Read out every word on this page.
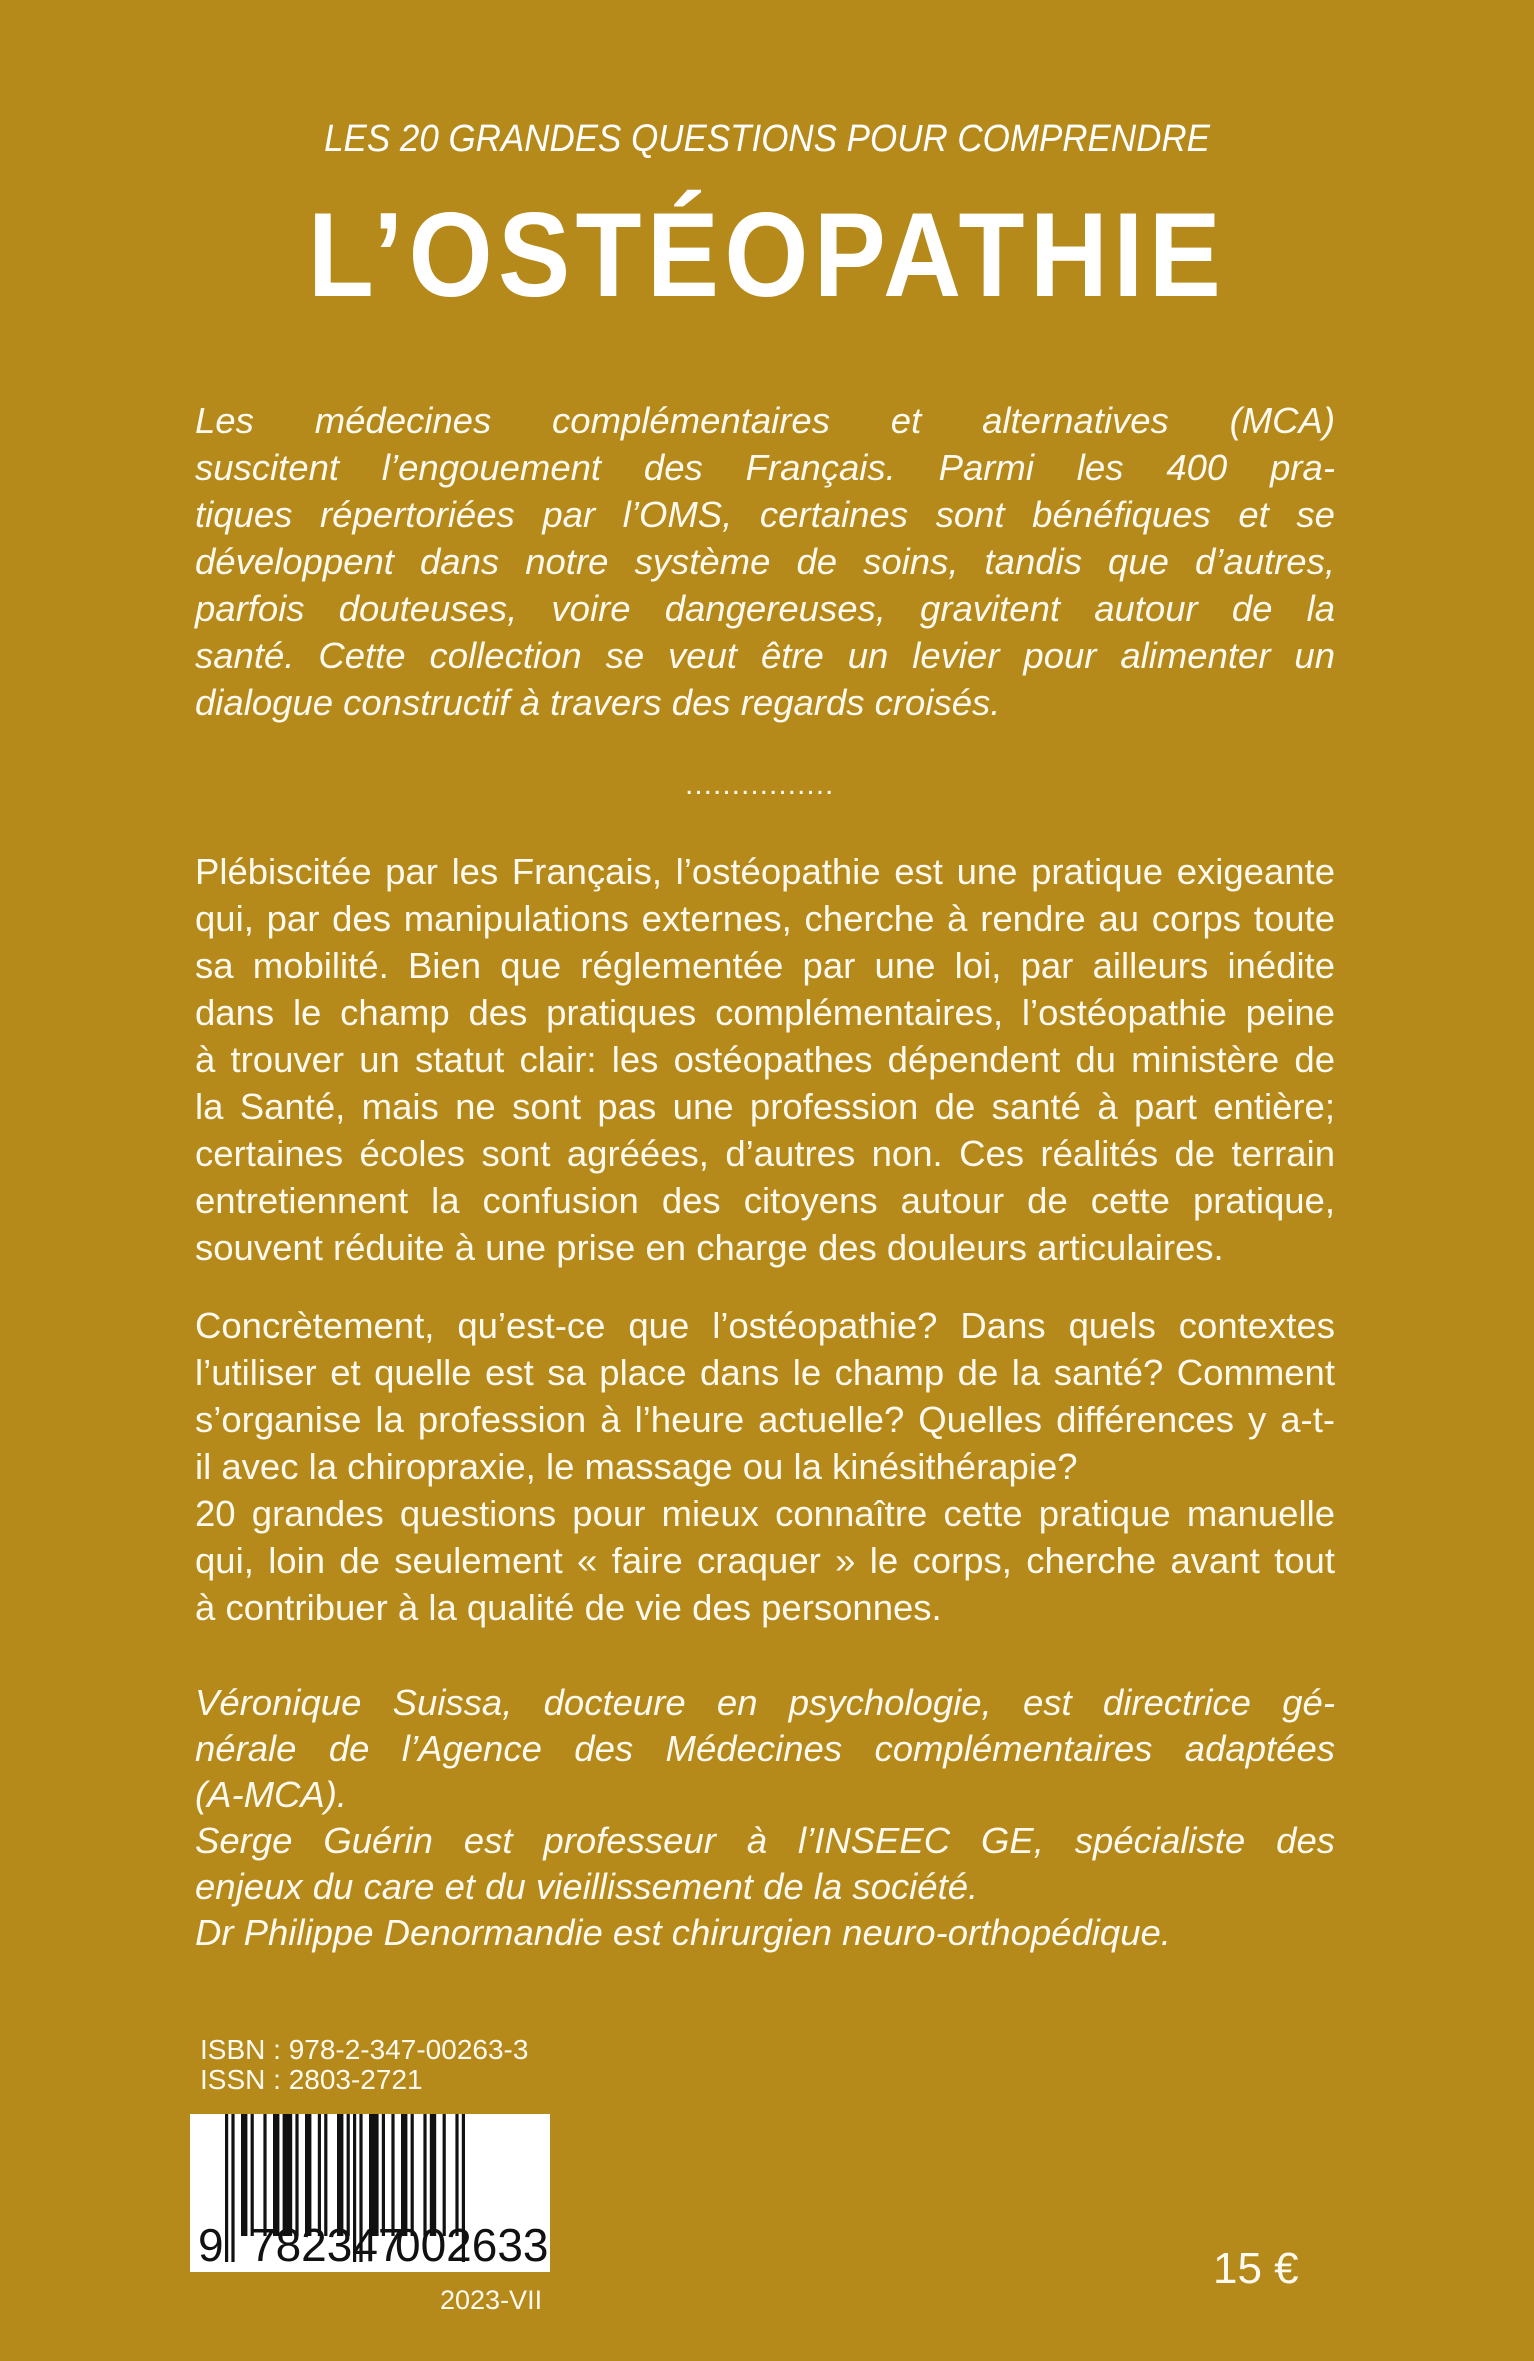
LES 20 GRANDES QUESTIONS POUR COMPRENDRE
L’OSTÉOPATHIE
Les médecines complémentaires et alternatives (MCA)
suscitent l’engouement des Français. Parmi les 400 pra-
tiques répertoriées par l’OMS, certaines sont bénéfiques et se
développent dans notre système de soins, tandis que d’autres,
parfois douteuses, voire dangereuses, gravitent autour de la
santé. Cette collection se veut être un levier pour alimenter un
dialogue constructif à travers des regards croisés.
................
Plébiscitée par les Français, l’ostéopathie est une pratique exigeante
qui, par des manipulations externes, cherche à rendre au corps toute
sa mobilité. Bien que réglementée par une loi, par ailleurs inédite
dans le champ des pratiques complémentaires, l’ostéopathie peine
à trouver un statut clair: les ostéopathes dépendent du ministère de
la Santé, mais ne sont pas une profession de santé à part entière;
certaines écoles sont agréées, d’autres non. Ces réalités de terrain
entretiennent la confusion des citoyens autour de cette pratique,
souvent réduite à une prise en charge des douleurs articulaires.
Concrètement, qu’est-ce que l’ostéopathie? Dans quels contextes
l’utiliser et quelle est sa place dans le champ de la santé? Comment
s’organise la profession à l’heure actuelle? Quelles différences y a-t-
il avec la chiropraxie, le massage ou la kinésithérapie?
20 grandes questions pour mieux connaître cette pratique manuelle
qui, loin de seulement « faire craquer » le corps, cherche avant tout
à contribuer à la qualité de vie des personnes.
Véronique Suissa, docteure en psychologie, est directrice gé-
nérale de l’Agence des Médecines complémentaires adaptées
(A-MCA).
Serge Guérin est professeur à l’INSEEC GE, spécialiste des
enjeux du care et du vieillissement de la société.
Dr Philippe Denormandie est chirurgien neuro-orthopédique.
ISBN : 978-2-347-00263-3
ISSN : 2803-2721
9 782347
002633
2023-VII
15 €
